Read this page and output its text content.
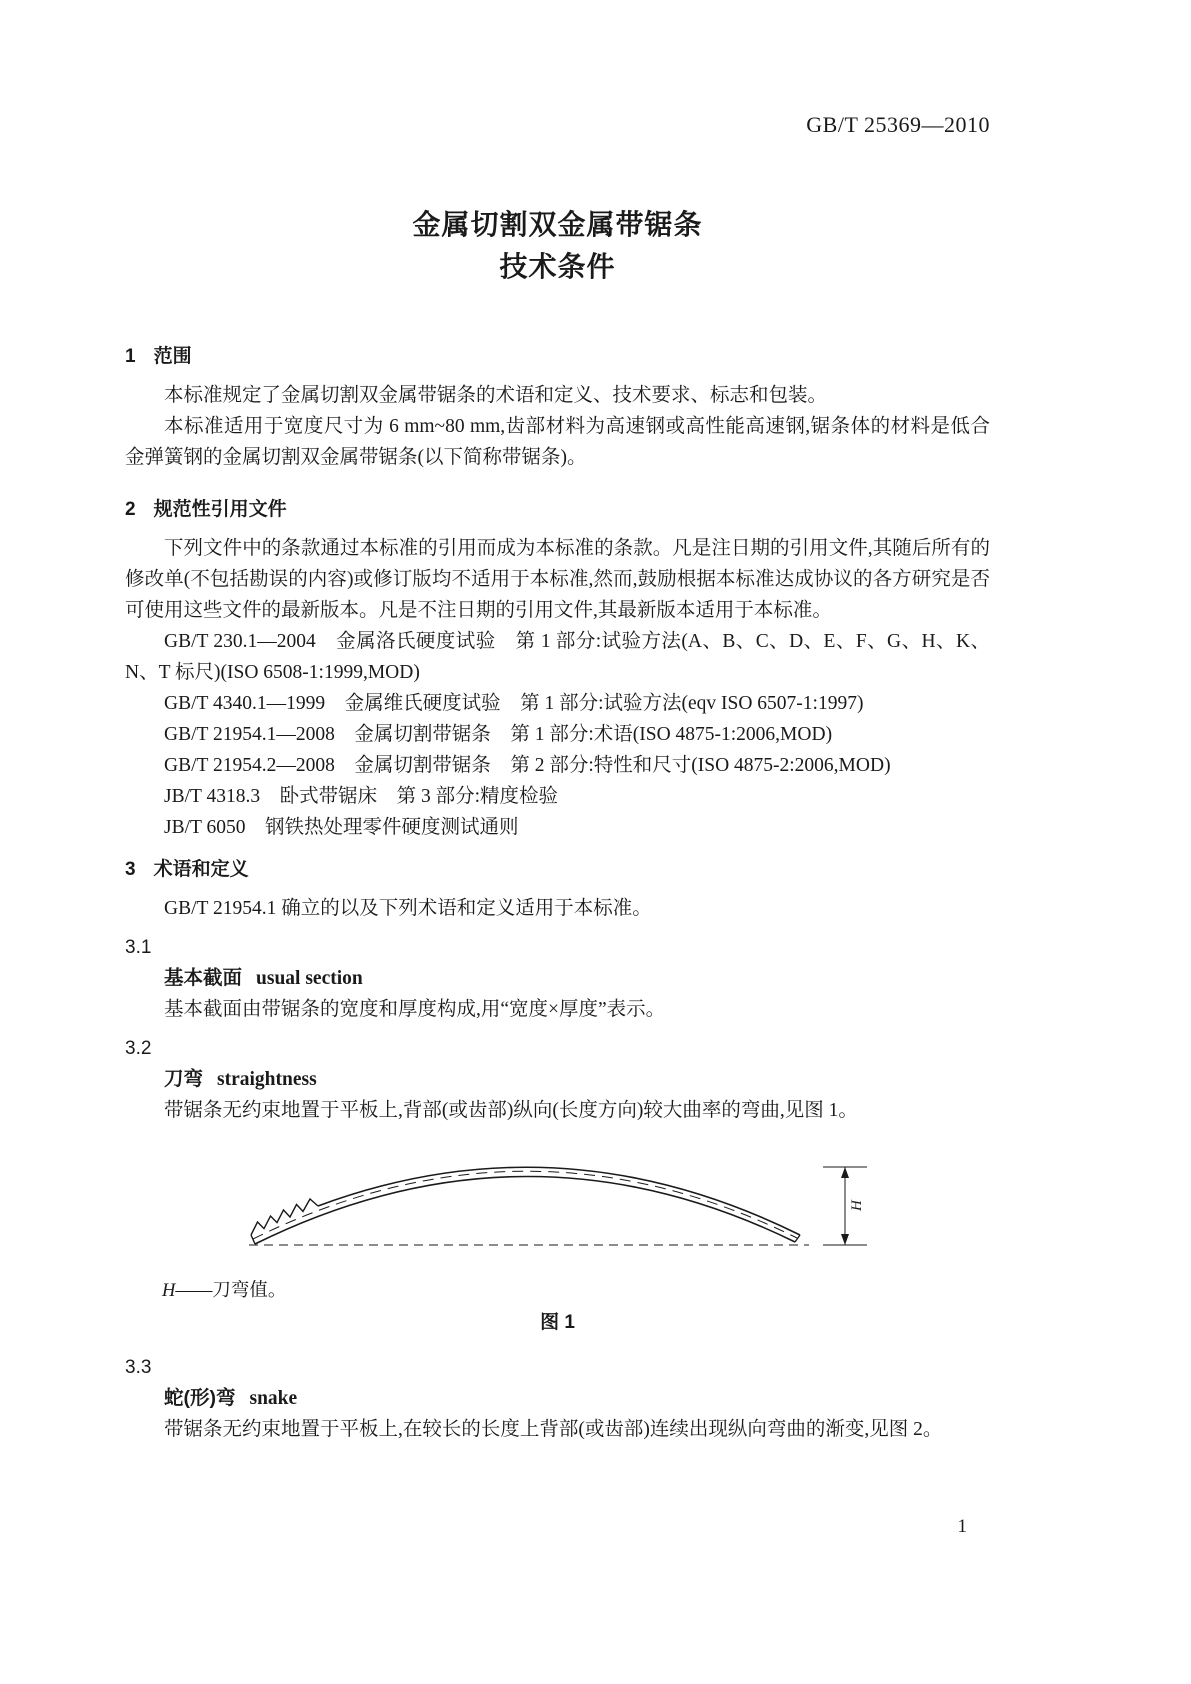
GB/T 25369—2010
金属切割双金属带锯条
技术条件
1 范围

本标准规定了金属切割双金属带锯条的术语和定义、技术要求、标志和包装。

本标准适用于宽度尺寸为 6 mm~80 mm,齿部材料为高速钢或高性能高速钢,锯条体的材料是低合金弹簧钢的金属切割双金属带锯条(以下简称带锯条)。

2 规范性引用文件

下列文件中的条款通过本标准的引用而成为本标准的条款。凡是注日期的引用文件,其随后所有的修改单(不包括勘误的内容)或修订版均不适用于本标准,然而,鼓励根据本标准达成协议的各方研究是否可使用这些文件的最新版本。凡是不注日期的引用文件,其最新版本适用于本标准。

GB/T 230.1—2004　金属洛氏硬度试验　第 1 部分:试验方法(A、B、C、D、E、F、G、H、K、N、T 标尺)(ISO 6508-1:1999,MOD)

GB/T 4340.1—1999　金属维氏硬度试验　第 1 部分:试验方法(eqv ISO 6507-1:1997)

GB/T 21954.1—2008　金属切割带锯条　第 1 部分:术语(ISO 4875-1:2006,MOD)

GB/T 21954.2—2008　金属切割带锯条　第 2 部分:特性和尺寸(ISO 4875-2:2006,MOD)

JB/T 4318.3　卧式带锯床　第 3 部分:精度检验

JB/T 6050　钢铁热处理零件硬度测试通则

3 术语和定义

GB/T 21954.1 确立的以及下列术语和定义适用于本标准。

3.1

基本截面 usual section

基本截面由带锯条的宽度和厚度构成,用“宽度×厚度”表示。

3.2

刀弯 straightness

带锯条无约束地置于平板上,背部(或齿部)纵向(长度方向)较大曲率的弯曲,见图 1。

H

H——刀弯值。

图 1

3.3

蛇(形)弯 snake

带锯条无约束地置于平板上,在较长的长度上背部(或齿部)连续出现纵向弯曲的渐变,见图 2。

1
